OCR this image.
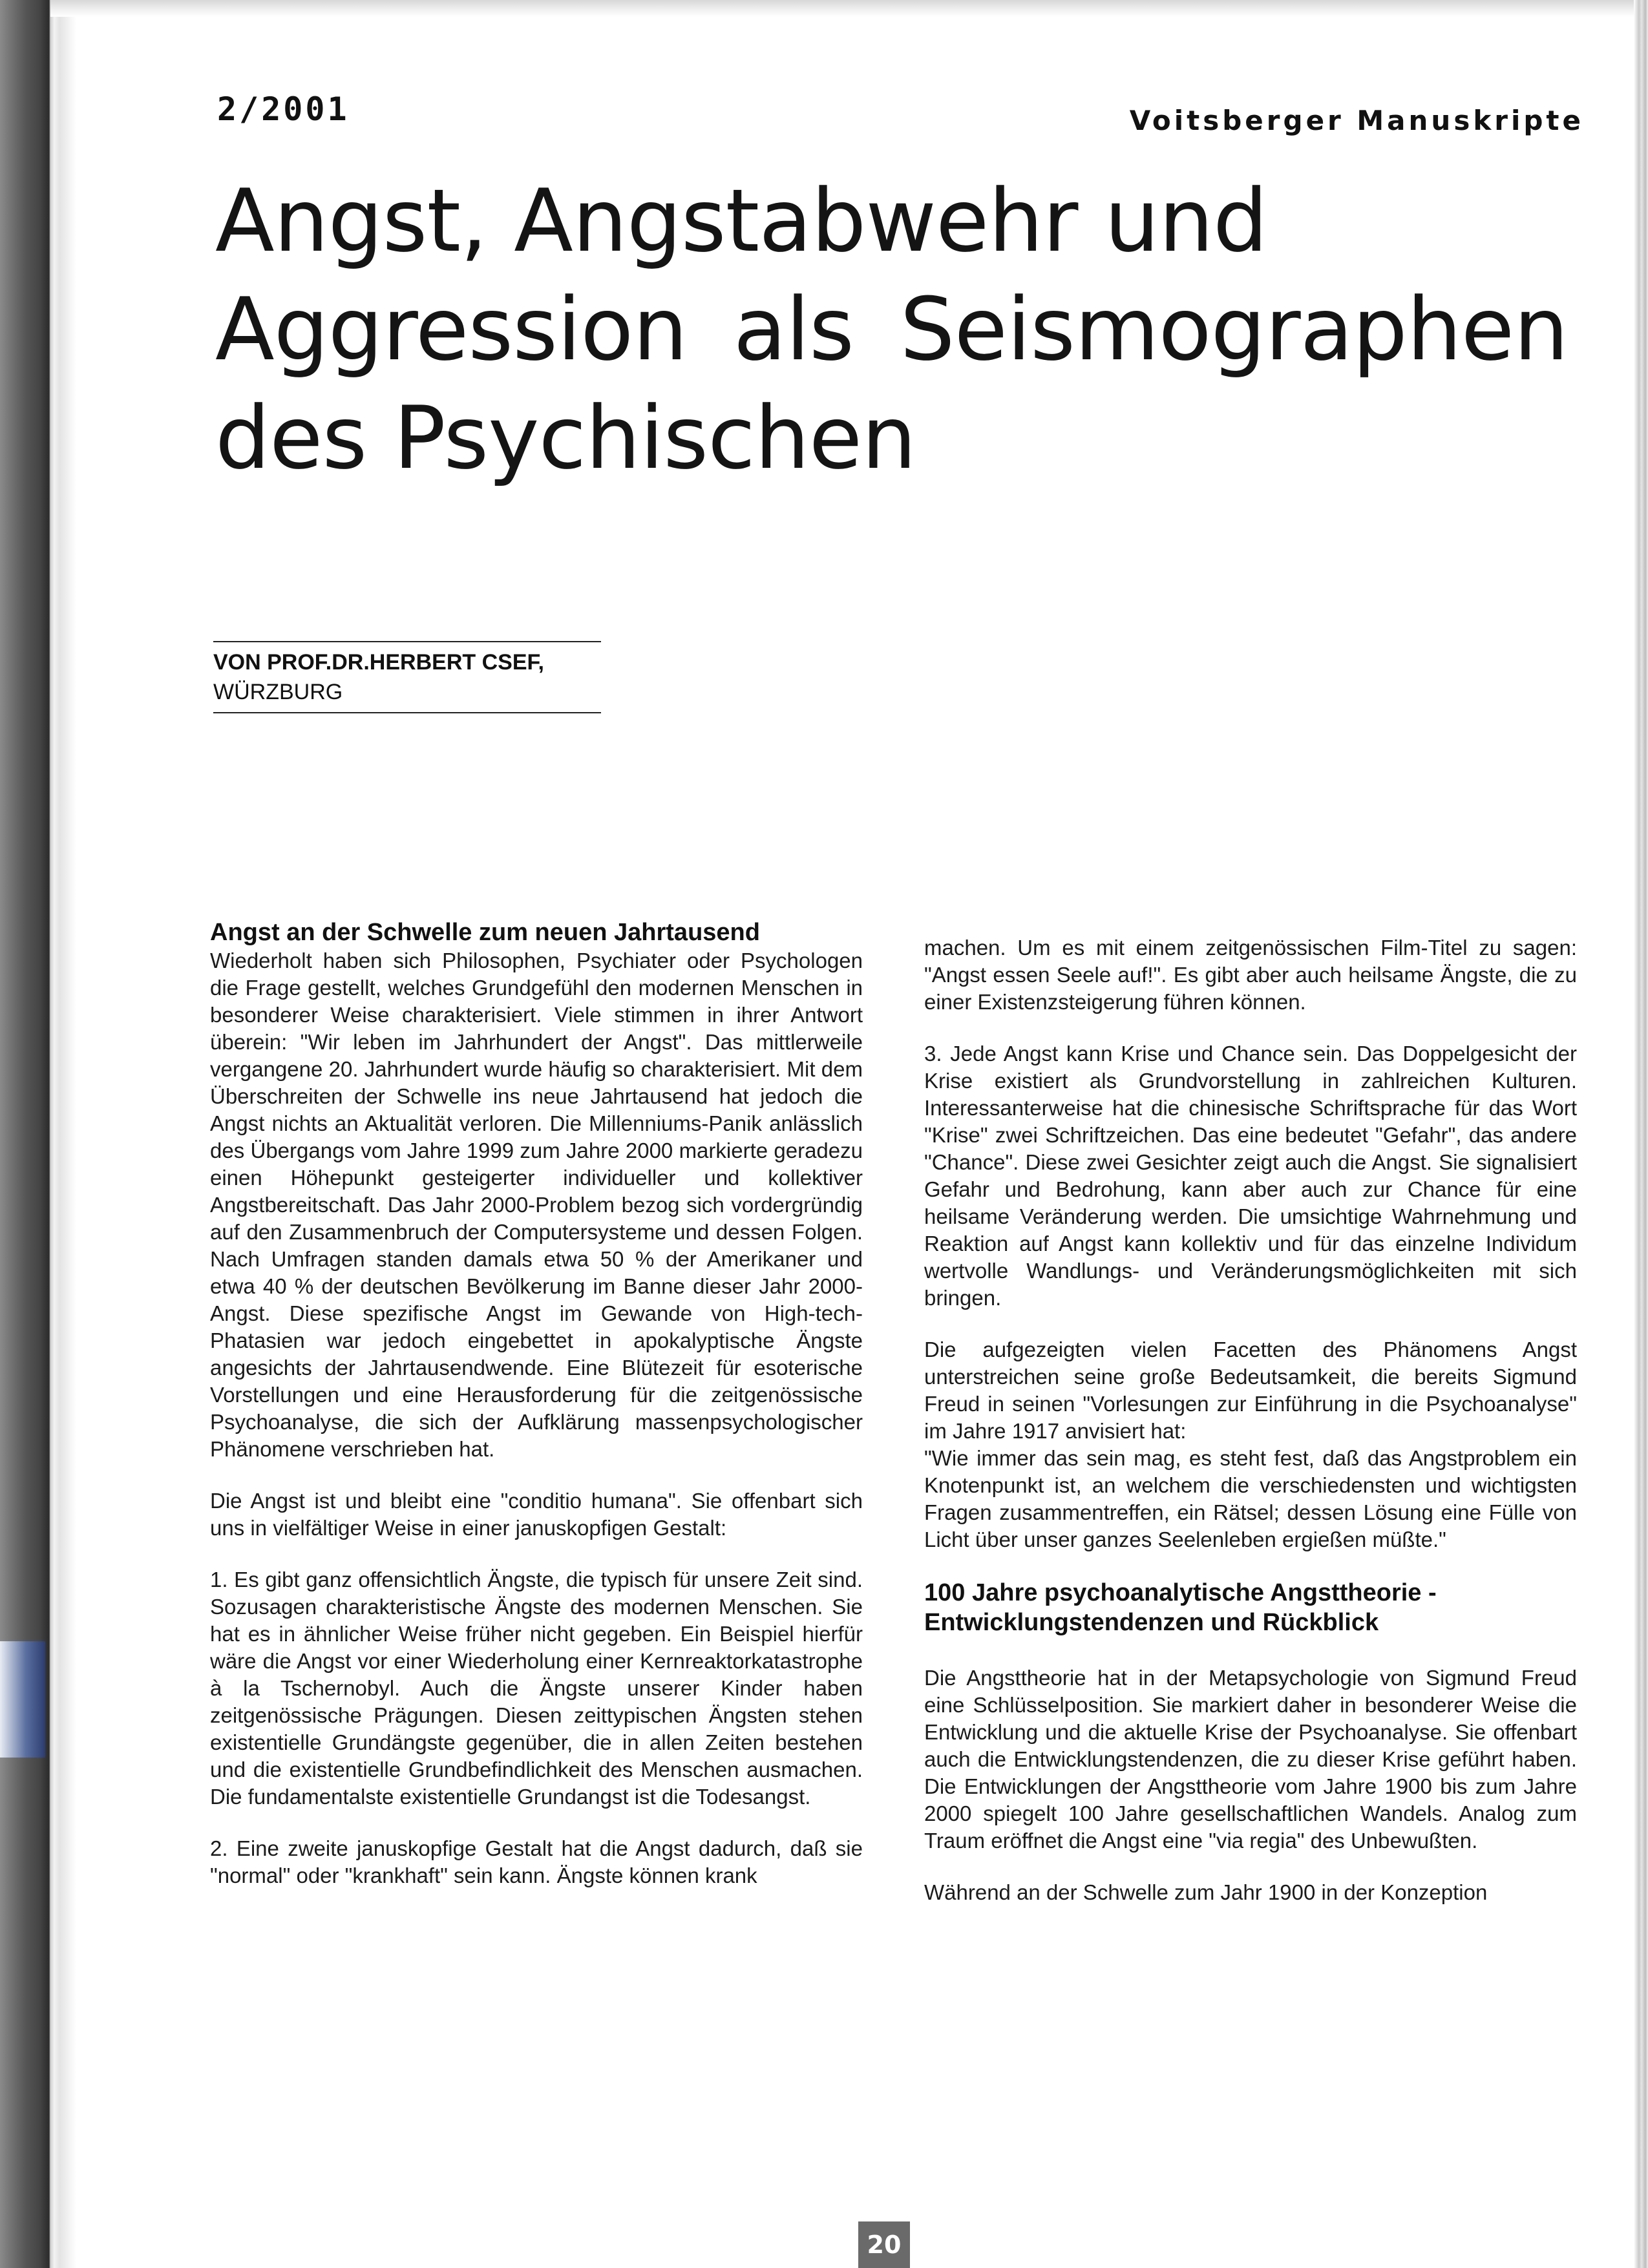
2/2001	Voitsberger Manuskripte
Angst, Angstabwehr und
Aggression als Seismographen
des Psychischen
VON PROF.DR.HERBERT CSEF,
WÜRZBURG
Angst an der Schwelle zum neuen Jahrtausend

Wiederholt haben sich Philosophen, Psychiater oder Psychologen die Frage gestellt, welches Grundgefühl den modernen Menschen in besonderer Weise charakterisiert. Viele stimmen in ihrer Antwort überein: "Wir leben im Jahrhundert der Angst". Das mittlerweile vergangene 20. Jahrhundert wurde häufig so charakterisiert. Mit dem Überschreiten der Schwelle ins neue Jahrtausend hat jedoch die Angst nichts an Aktualität verloren. Die Millenniums-Panik anlässlich des Übergangs vom Jahre 1999 zum Jahre 2000 markierte geradezu einen Höhepunkt gesteigerter individueller und kollektiver Angstbereitschaft. Das Jahr 2000-Problem bezog sich vordergründig auf den Zusammenbruch der Computersysteme und dessen Folgen. Nach Umfragen standen damals etwa 50 % der Amerikaner und etwa 40 % der deutschen Bevölkerung im Banne dieser Jahr 2000-Angst. Diese spezifische Angst im Gewande von High-tech-Phatasien war jedoch eingebettet in apokalyptische Ängste angesichts der Jahrtausendwende. Eine Blütezeit für esoterische Vorstellungen und eine Herausforderung für die zeitgenössische Psychoanalyse, die sich der Aufklärung massenpsychologischer Phänomene verschrieben hat.

Die Angst ist und bleibt eine "conditio humana". Sie offenbart sich uns in vielfältiger Weise in einer januskopfigen Gestalt:

1. Es gibt ganz offensichtlich Ängste, die typisch für unsere Zeit sind. Sozusagen charakteristische Ängste des modernen Menschen. Sie hat es in ähnlicher Weise früher nicht gegeben. Ein Beispiel hierfür wäre die Angst vor einer Wiederholung einer Kernreaktorkatastrophe à la Tschernobyl. Auch die Ängste unserer Kinder haben zeitgenössische Prägungen. Diesen zeittypischen Ängsten stehen existentielle Grundängste gegenüber, die in allen Zeiten bestehen und die existentielle Grundbefindlichkeit des Menschen ausmachen. Die fundamentalste existentielle Grundangst ist die Todesangst.

2. Eine zweite januskopfige Gestalt hat die Angst dadurch, daß sie "normal" oder "krankhaft" sein kann. Ängste können krank

machen. Um es mit einem zeitgenössischen Film-Titel zu sagen: "Angst essen Seele auf!". Es gibt aber auch heilsame Ängste, die zu einer Existenzsteigerung führen können.

3. Jede Angst kann Krise und Chance sein. Das Doppelgesicht der Krise existiert als Grundvorstellung in zahlreichen Kulturen. Interessanterweise hat die chinesische Schriftsprache für das Wort "Krise" zwei Schriftzeichen. Das eine bedeutet "Gefahr", das andere "Chance". Diese zwei Gesichter zeigt auch die Angst. Sie signalisiert Gefahr und Bedrohung, kann aber auch zur Chance für eine heilsame Veränderung werden. Die umsichtige Wahrnehmung und Reaktion auf Angst kann kollektiv und für das einzelne Individum wertvolle Wandlungs- und Veränderungsmöglichkeiten mit sich bringen.

Die aufgezeigten vielen Facetten des Phänomens Angst unterstreichen seine große Bedeutsamkeit, die bereits Sigmund Freud in seinen "Vorlesungen zur Einführung in die Psychoanalyse" im Jahre 1917 anvisiert hat:

"Wie immer das sein mag, es steht fest, daß das Angstproblem ein Knotenpunkt ist, an welchem die verschiedensten und wichtigsten Fragen zusammentreffen, ein Rätsel; dessen Lösung eine Fülle von Licht über unser ganzes Seelenleben ergießen müßte."

100 Jahre psychoanalytische Angsttheorie - Entwicklungstendenzen und Rückblick

Die Angsttheorie hat in der Metapsychologie von Sigmund Freud eine Schlüsselposition. Sie markiert daher in besonderer Weise die Entwicklung und die aktuelle Krise der Psychoanalyse. Sie offenbart auch die Entwicklungstendenzen, die zu dieser Krise geführt haben. Die Entwicklungen der Angsttheorie vom Jahre 1900 bis zum Jahre 2000 spiegelt 100 Jahre gesellschaftlichen Wandels. Analog zum Traum eröffnet die Angst eine "via regia" des Unbewußten.

Während an der Schwelle zum Jahr 1900 in der Konzeption

20
